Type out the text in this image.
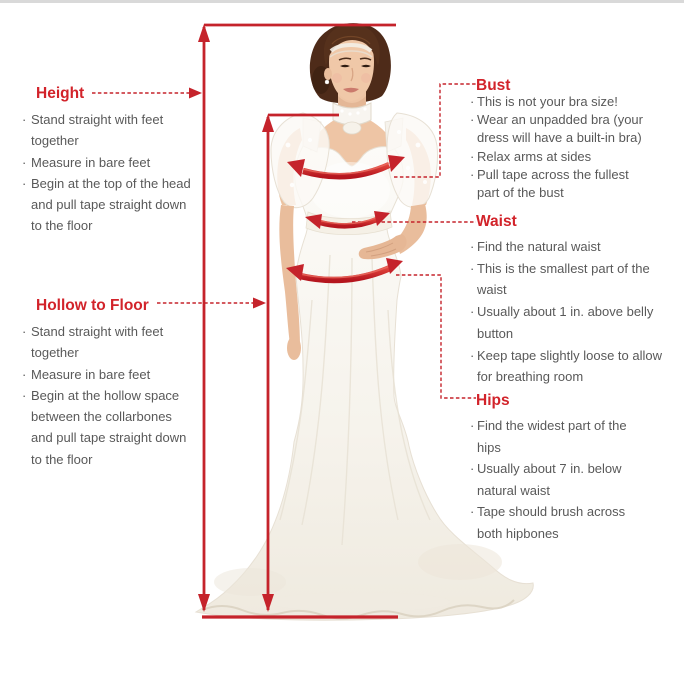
Height
· Stand straight with feet
together
· Measure in bare feet
· Begin at the top of the head
and pull tape straight down
to the floor
Hollow to Floor
· Stand straight with feet
together
· Measure in bare feet
· Begin at the hollow space
between the collarbones
and pull tape straight down
to the floor
Bust
· This is not your bra size!
· Wear an unpadded bra (your
dress will have a built-in bra)
· Relax arms at sides
· Pull tape across the fullest
part of the bust
Waist
· Find the natural waist
· This is the smallest part of the
waist
· Usually about 1 in. above belly
button
· Keep tape slightly loose to allow
for breathing room
Hips
· Find the widest part of the
hips
· Usually about 7 in. below
natural waist
· Tape should brush across
both hipbones
